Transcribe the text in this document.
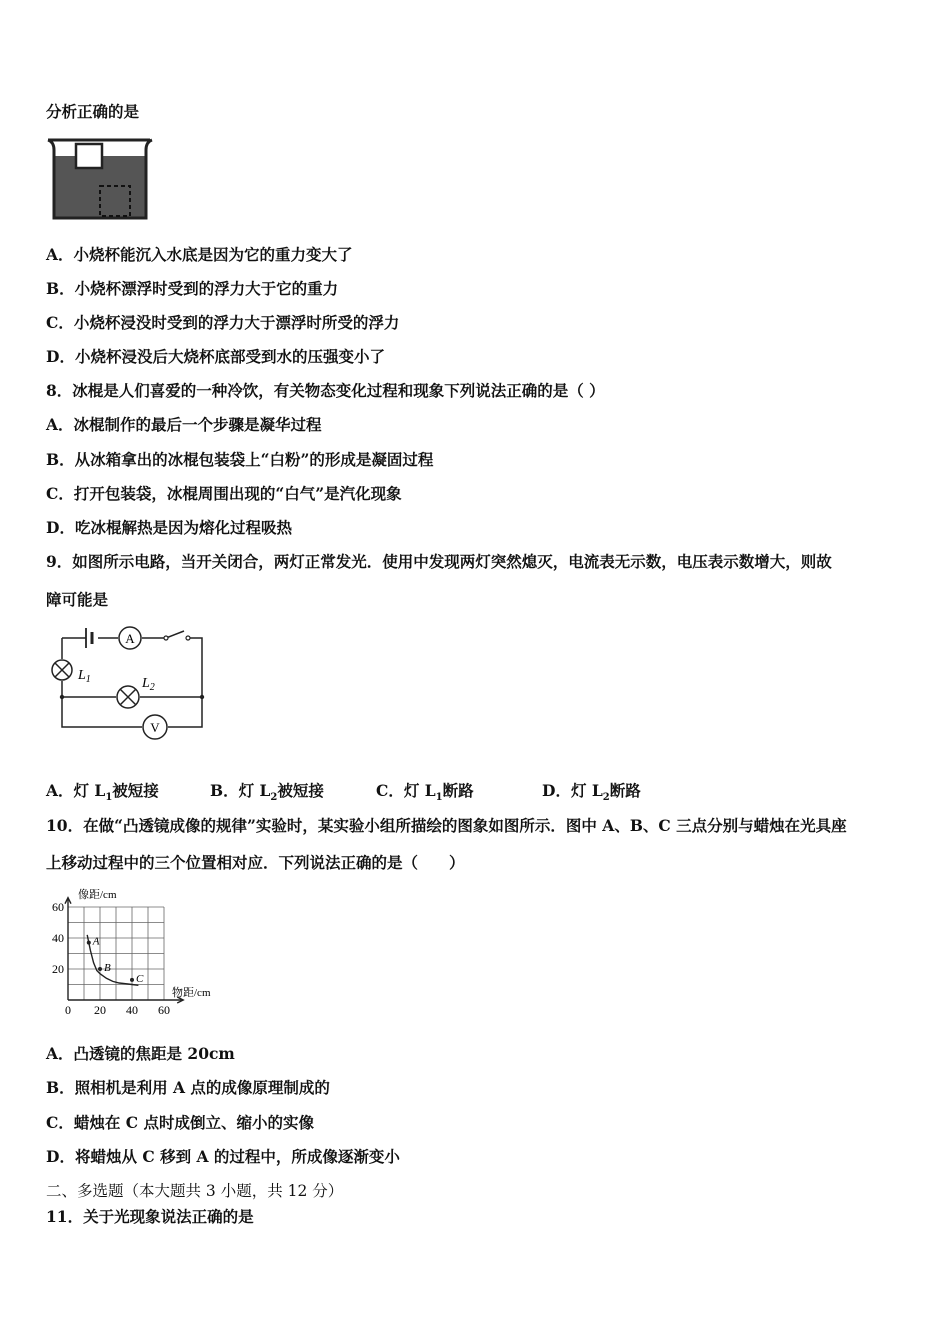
分析正确的是
A．小烧杯能沉入水底是因为它的重力变大了
B．小烧杯漂浮时受到的浮力大于它的重力
C．小烧杯浸没时受到的浮力大于漂浮时所受的浮力
D．小烧杯浸没后大烧杯底部受到水的压强变小了
8．冰棍是人们喜爱的一种冷饮，有关物态变化过程和现象下列说法正确的是（ ）
A．冰棍制作的最后一个步骤是凝华过程
B．从冰箱拿出的冰棍包装袋上“白粉”的形成是凝固过程
C．打开包装袋，冰棍周围出现的“白气”是汽化现象
D．吃冰棍解热是因为熔化过程吸热
9．如图所示电路，当开关闭合，两灯正常发光．使用中发现两灯突然熄灭，电流表无示数，电压表示数增大，则故
障可能是
A
V
$L_1$	$L_2$
A．灯 $L_1$被短接	B．灯 $L_2$被短接	C．灯 $L_1$断路	D．灯 $L_2$断路
10．在做“凸透镜成像的规律”实验时，某实验小组所描绘的图象如图所示．图中 A、B、C 三点分别与蜡烛在光具座
上移动过程中的三个位置相对应．下列说法正确的是（　　）
0 20 40 60
20
40
60
A
B
C
像距/cm
物距/cm
A．凸透镜的焦距是 20cm
B．照相机是利用 A 点的成像原理制成的
C．蜡烛在 C 点时成倒立、缩小的实像
D．将蜡烛从 C 移到 A 的过程中，所成像逐渐变小
二、多选题（本大题共 3 小题，共 12 分）
11．关于光现象说法正确的是
